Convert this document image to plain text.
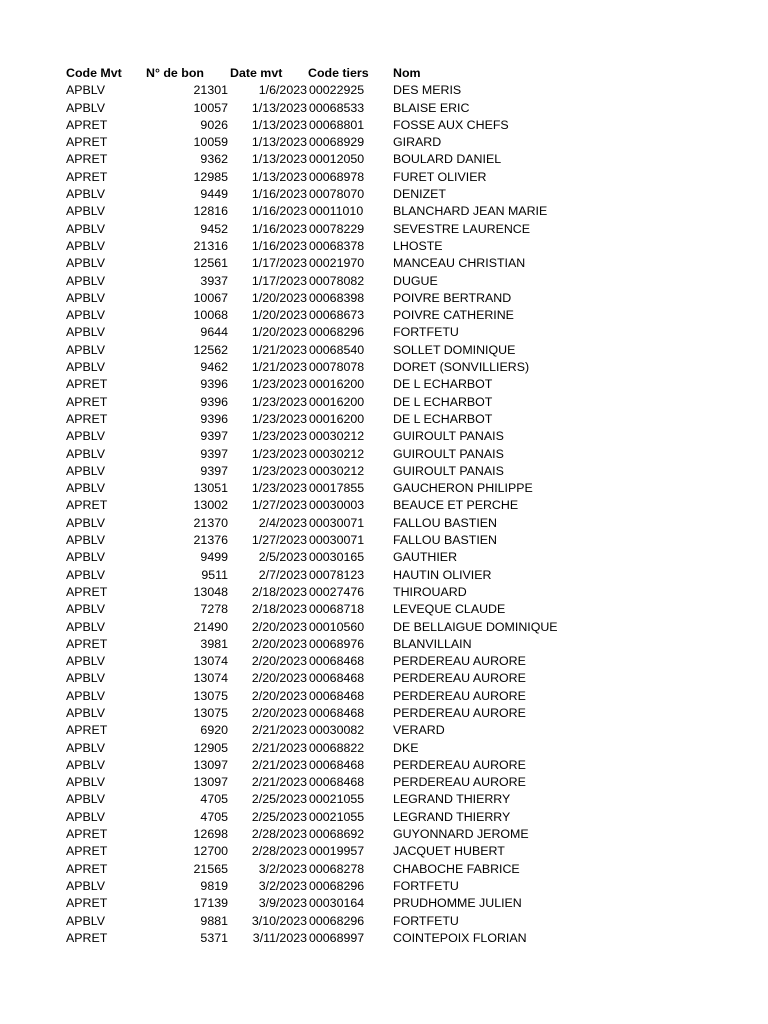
Code Mvt	N° de bon	Date mvt	Code tiers	Nom
APBLV	21301	1/6/2023	00022925	DES MERIS
APBLV	10057	1/13/2023	00068533	BLAISE ERIC
APRET	9026	1/13/2023	00068801	FOSSE AUX CHEFS
APRET	10059	1/13/2023	00068929	GIRARD
APRET	9362	1/13/2023	00012050	BOULARD DANIEL
APRET	12985	1/13/2023	00068978	FURET OLIVIER
APBLV	9449	1/16/2023	00078070	DENIZET
APBLV	12816	1/16/2023	00011010	BLANCHARD JEAN MARIE
APBLV	9452	1/16/2023	00078229	SEVESTRE LAURENCE
APBLV	21316	1/16/2023	00068378	LHOSTE
APBLV	12561	1/17/2023	00021970	MANCEAU CHRISTIAN
APBLV	3937	1/17/2023	00078082	DUGUE
APBLV	10067	1/20/2023	00068398	POIVRE BERTRAND
APBLV	10068	1/20/2023	00068673	POIVRE CATHERINE
APBLV	9644	1/20/2023	00068296	FORTFETU
APBLV	12562	1/21/2023	00068540	SOLLET DOMINIQUE
APBLV	9462	1/21/2023	00078078	DORET (SONVILLIERS)
APRET	9396	1/23/2023	00016200	DE L ECHARBOT
APRET	9396	1/23/2023	00016200	DE L ECHARBOT
APRET	9396	1/23/2023	00016200	DE L ECHARBOT
APBLV	9397	1/23/2023	00030212	GUIROULT PANAIS
APBLV	9397	1/23/2023	00030212	GUIROULT PANAIS
APBLV	9397	1/23/2023	00030212	GUIROULT PANAIS
APBLV	13051	1/23/2023	00017855	GAUCHERON PHILIPPE
APRET	13002	1/27/2023	00030003	BEAUCE ET PERCHE
APBLV	21370	2/4/2023	00030071	FALLOU BASTIEN
APBLV	21376	1/27/2023	00030071	FALLOU BASTIEN
APBLV	9499	2/5/2023	00030165	GAUTHIER
APBLV	9511	2/7/2023	00078123	HAUTIN OLIVIER
APRET	13048	2/18/2023	00027476	THIROUARD
APBLV	7278	2/18/2023	00068718	LEVEQUE CLAUDE
APBLV	21490	2/20/2023	00010560	DE BELLAIGUE DOMINIQUE
APRET	3981	2/20/2023	00068976	BLANVILLAIN
APBLV	13074	2/20/2023	00068468	PERDEREAU AURORE
APBLV	13074	2/20/2023	00068468	PERDEREAU AURORE
APBLV	13075	2/20/2023	00068468	PERDEREAU AURORE
APBLV	13075	2/20/2023	00068468	PERDEREAU AURORE
APRET	6920	2/21/2023	00030082	VERARD
APBLV	12905	2/21/2023	00068822	DKE
APBLV	13097	2/21/2023	00068468	PERDEREAU AURORE
APBLV	13097	2/21/2023	00068468	PERDEREAU AURORE
APBLV	4705	2/25/2023	00021055	LEGRAND THIERRY
APBLV	4705	2/25/2023	00021055	LEGRAND THIERRY
APRET	12698	2/28/2023	00068692	GUYONNARD JEROME
APRET	12700	2/28/2023	00019957	JACQUET HUBERT
APRET	21565	3/2/2023	00068278	CHABOCHE FABRICE
APBLV	9819	3/2/2023	00068296	FORTFETU
APRET	17139	3/9/2023	00030164	PRUDHOMME JULIEN
APBLV	9881	3/10/2023	00068296	FORTFETU
APRET	5371	3/11/2023	00068997	COINTEPOIX FLORIAN
